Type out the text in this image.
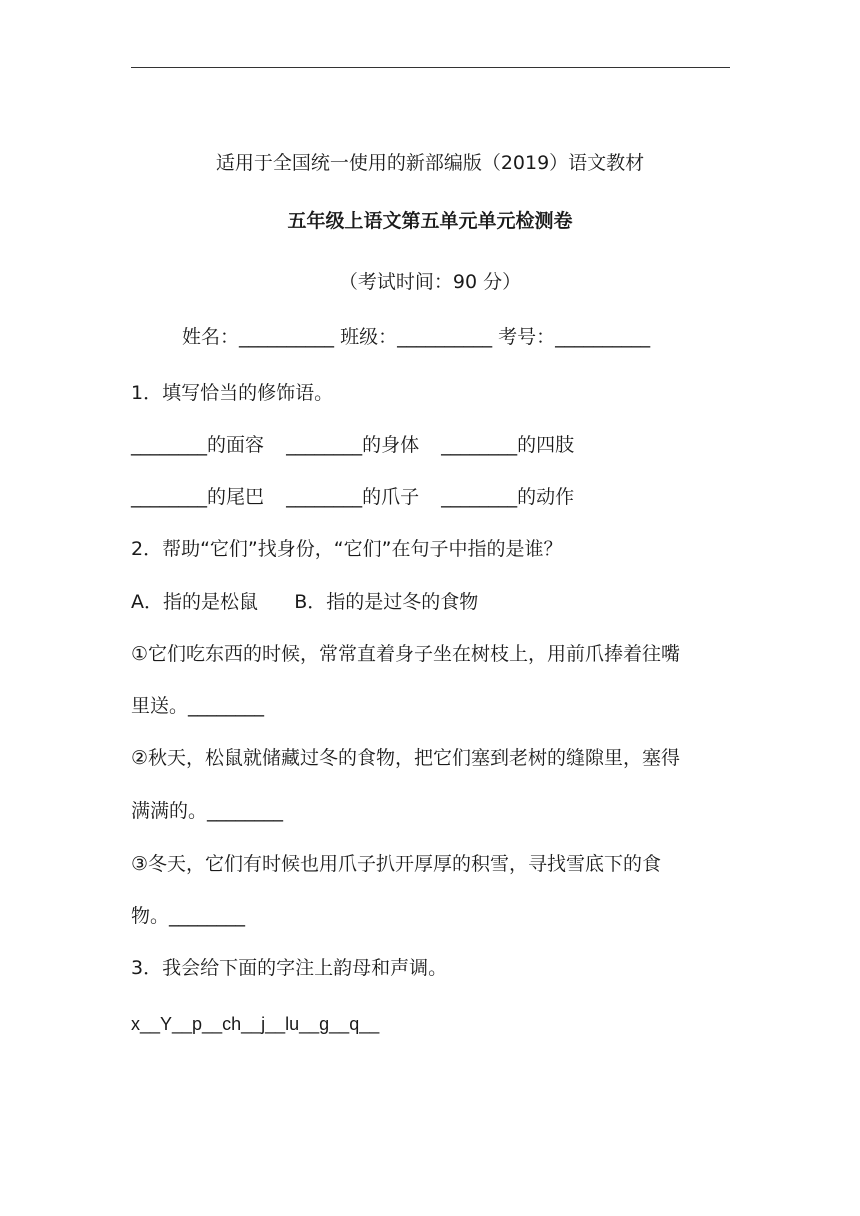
适用于全国统一使用的新部编版（2019）语文教材
五年级上语文第五单元单元检测卷
（考试时间：90 分）
姓名：__________ 班级：__________ 考号：__________
1．填写恰当的修饰语。
________的面容 ________的身体 ________的四肢
________的尾巴 ________的爪子 ________的动作
2．帮助“它们”找身份，“它们”在句子中指的是谁？
A．指的是松鼠      B．指的是过冬的食物
①它们吃东西的时候，常常直着身子坐在树枝上，用前爪捧着往嘴
里送。________
②秋天，松鼠就储藏过冬的食物，把它们塞到老树的缝隙里，塞得
满满的。________
③冬天，它们有时候也用爪子扒开厚厚的积雪，寻找雪底下的食
物。________
3．我会给下面的字注上韵母和声调。
x__Y__p__ch__j__lu__g__q__
